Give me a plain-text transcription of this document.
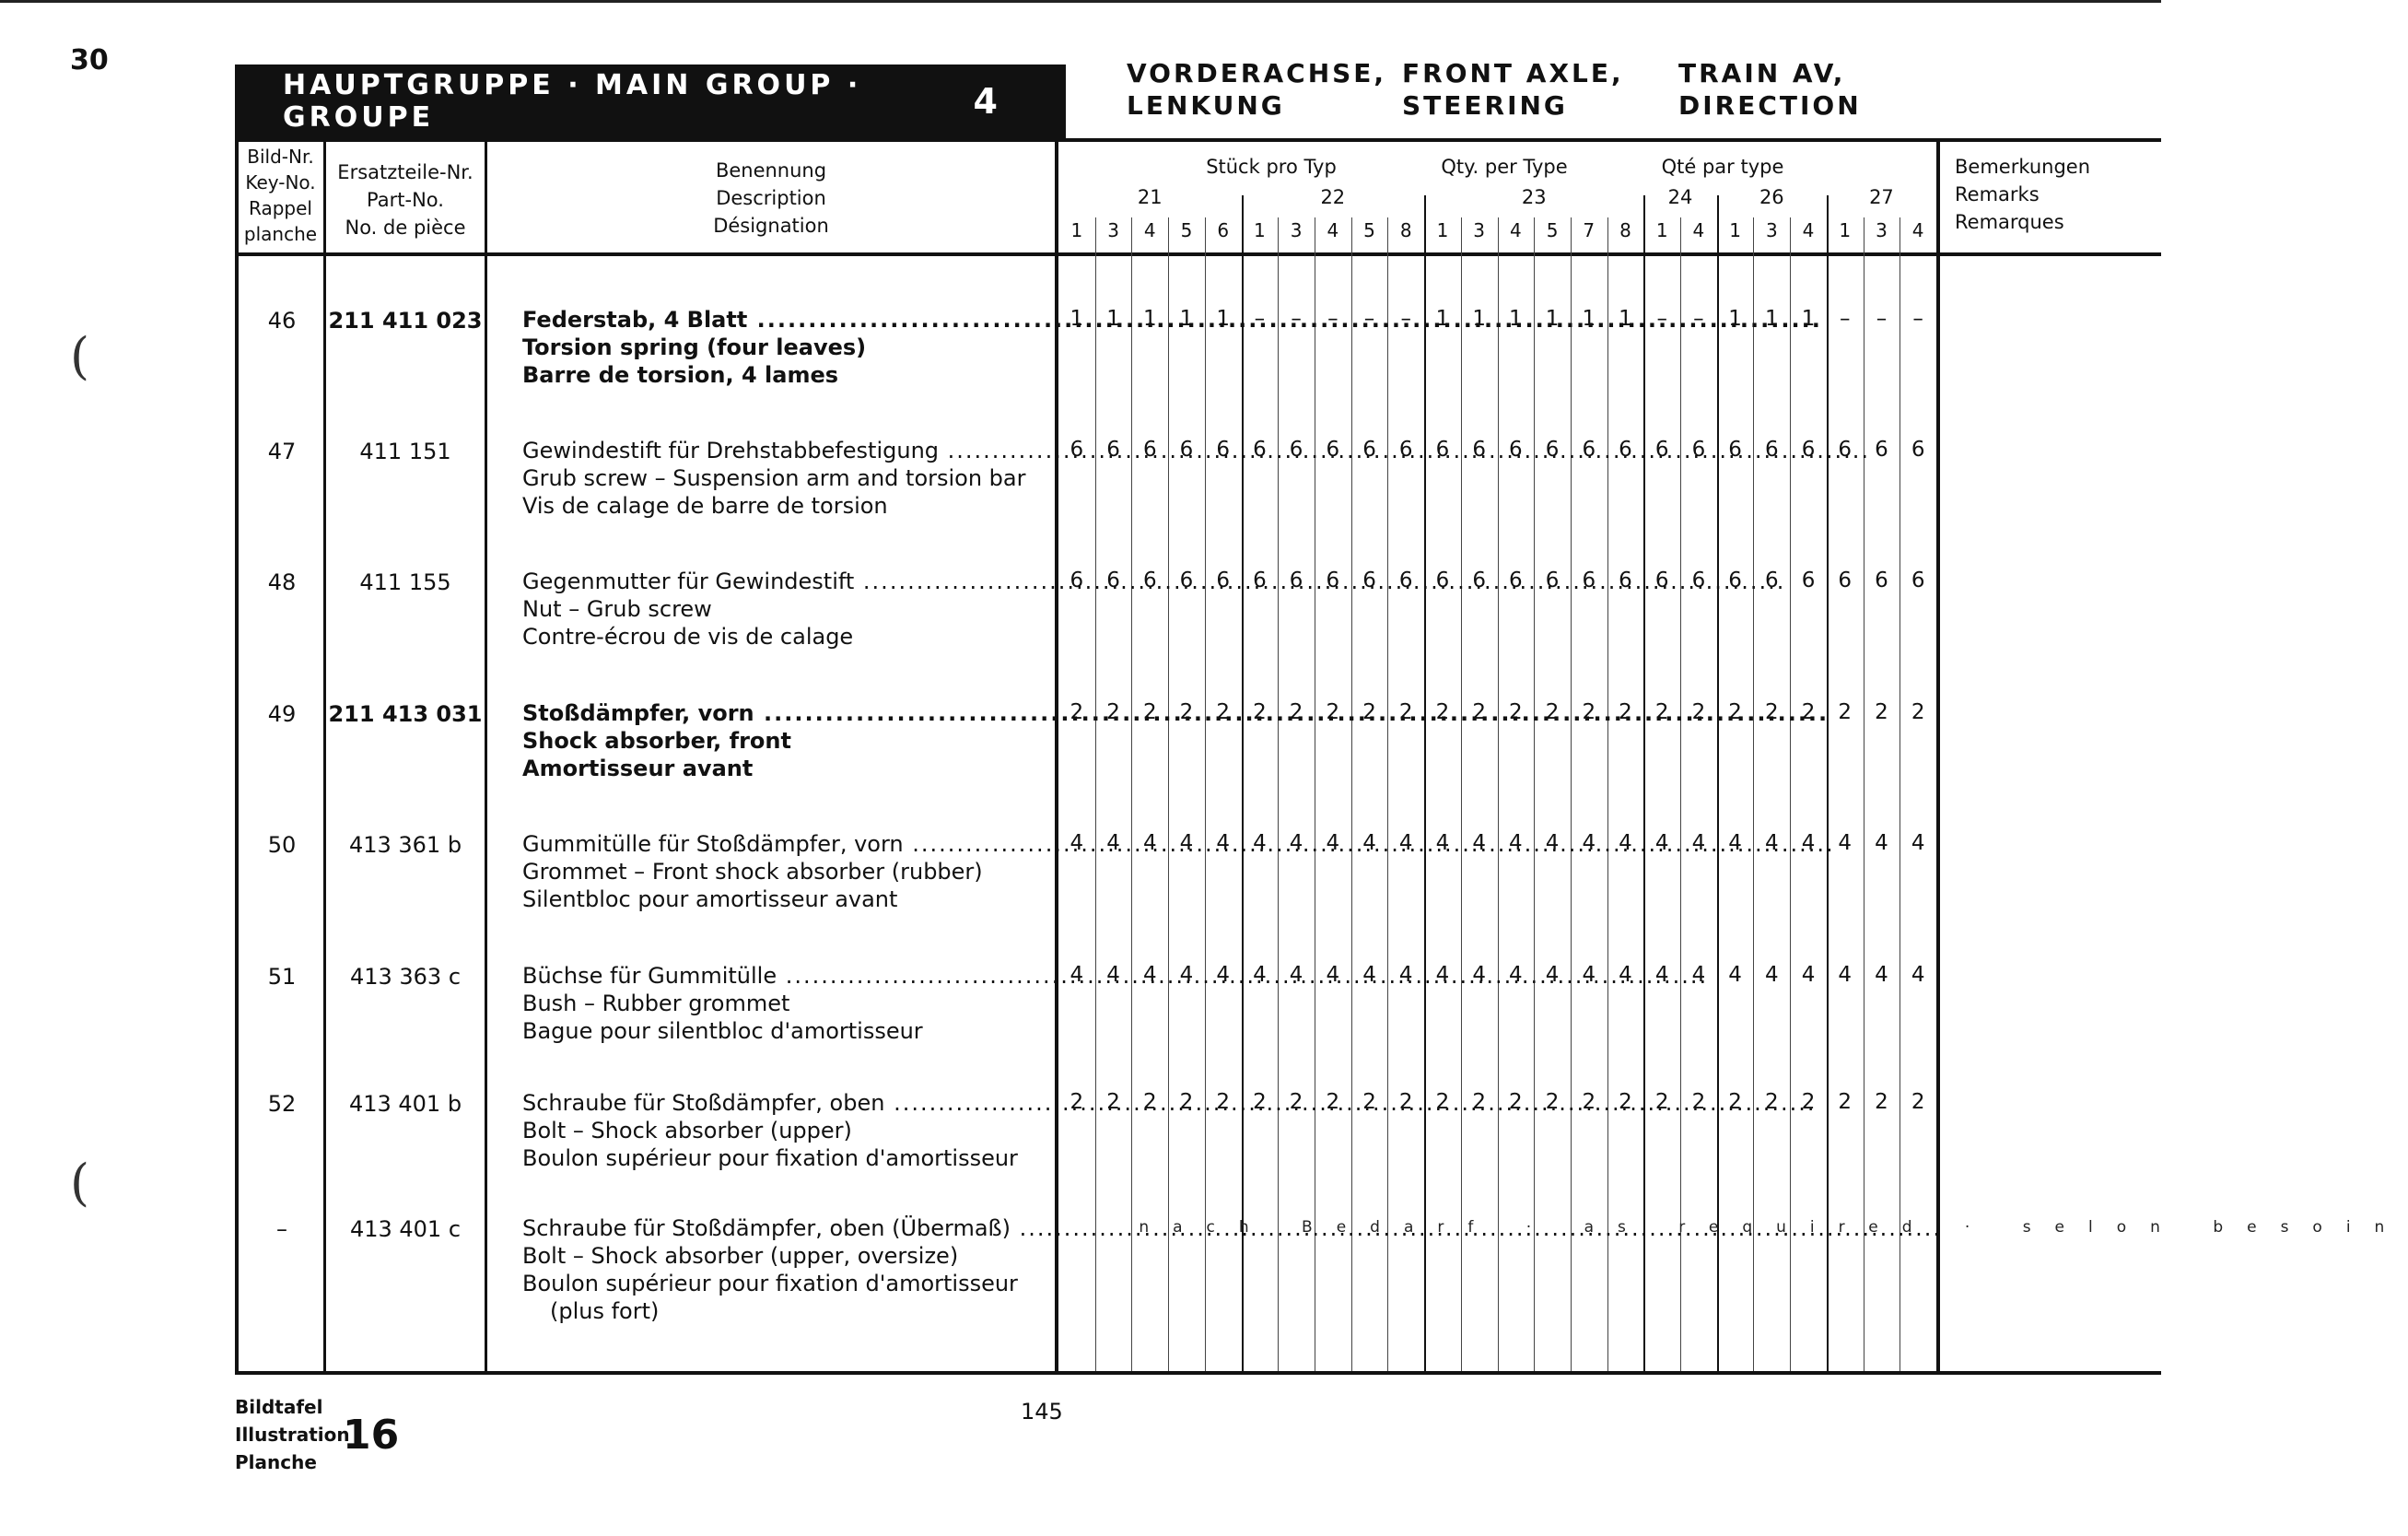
30
(
(
HAUPTGRUPPE · MAIN GROUP · GROUPE	4
VORDERACHSE,
LENKUNG
FRONT AXLE,
STEERING
TRAIN AV,
DIRECTION
Bild-Nr.
Key-No.
Rappel
planche
Ersatzteile-Nr.
Part-No.
No. de pièce
Benennung
Description
Désignation
Stück pro Typ	Qty. per Type	Qté par type	Bemerkungen
Remarks
Remarques
1	3	4	5	6
21
1	3	4	5	8
22
1	3	4	5	7	8
23
1	4
24
1	3	4
26
1	3	4
27
46	211 411 023 Federstab, 4 Blatt .....
Torsion spring (four leaves)
Barre de torsion, 4 lames
1	1	1	1	1	–	–	–	–	–	1	1	1	1	1	1	–	–	1	1	1	–	–	–
47	411 151	Gewindestift für Drehstabbefestigung .....
Grub screw – Suspension arm and torsion bar
Vis de calage de barre de torsion
6	6	6	6	6	6	6	6	6	6	6	6	6	6	6	6	6	6	6	6	6	6	6	6
48	411 155	Gegenmutter für Gewindestift .....
Nut – Grub screw
Contre-écrou de vis de calage
6	6	6	6	6	6	6	6	6	6	6	6	6	6	6	6	6	6	6	6	6	6	6	6
49	211 413 031 Stoßdämpfer, vorn .....
Shock absorber, front
Amortisseur avant
2	2	2	2	2	2	2	2	2	2	2	2	2	2	2	2	2	2	2	2	2	2	2	2
50	413 361 b	Gummitülle für Stoßdämpfer, vorn .....
Grommet – Front shock absorber (rubber)
Silentbloc pour amortisseur avant
4	4	4	4	4	4	4	4	4	4	4	4	4	4	4	4	4	4	4	4	4	4	4	4
51	413 363 c	Büchse für Gummitülle .....
Bush – Rubber grommet
Bague pour silentbloc d'amortisseur
4	4	4	4	4	4	4	4	4	4	4	4	4	4	4	4	4	4	4	4	4	4	4	4
52	413 401 b	Schraube für Stoßdämpfer, oben .....
Bolt – Shock absorber (upper)
Boulon supérieur pour fixation d'amortisseur
2	2	2	2	2	2	2	2	2	2	2	2	2	2	2	2	2	2	2	2	2	2	2	2
–	413 401 c	Schraube für Stoßdämpfer, oben (Übermaß) .....
Bolt – Shock absorber (upper, oversize)
Boulon supérieur pour fixation d'amortisseur
(plus fort)
nach Bedarf · as required · selon besoin
Bildtafel
Illustration
Planche
16	145
